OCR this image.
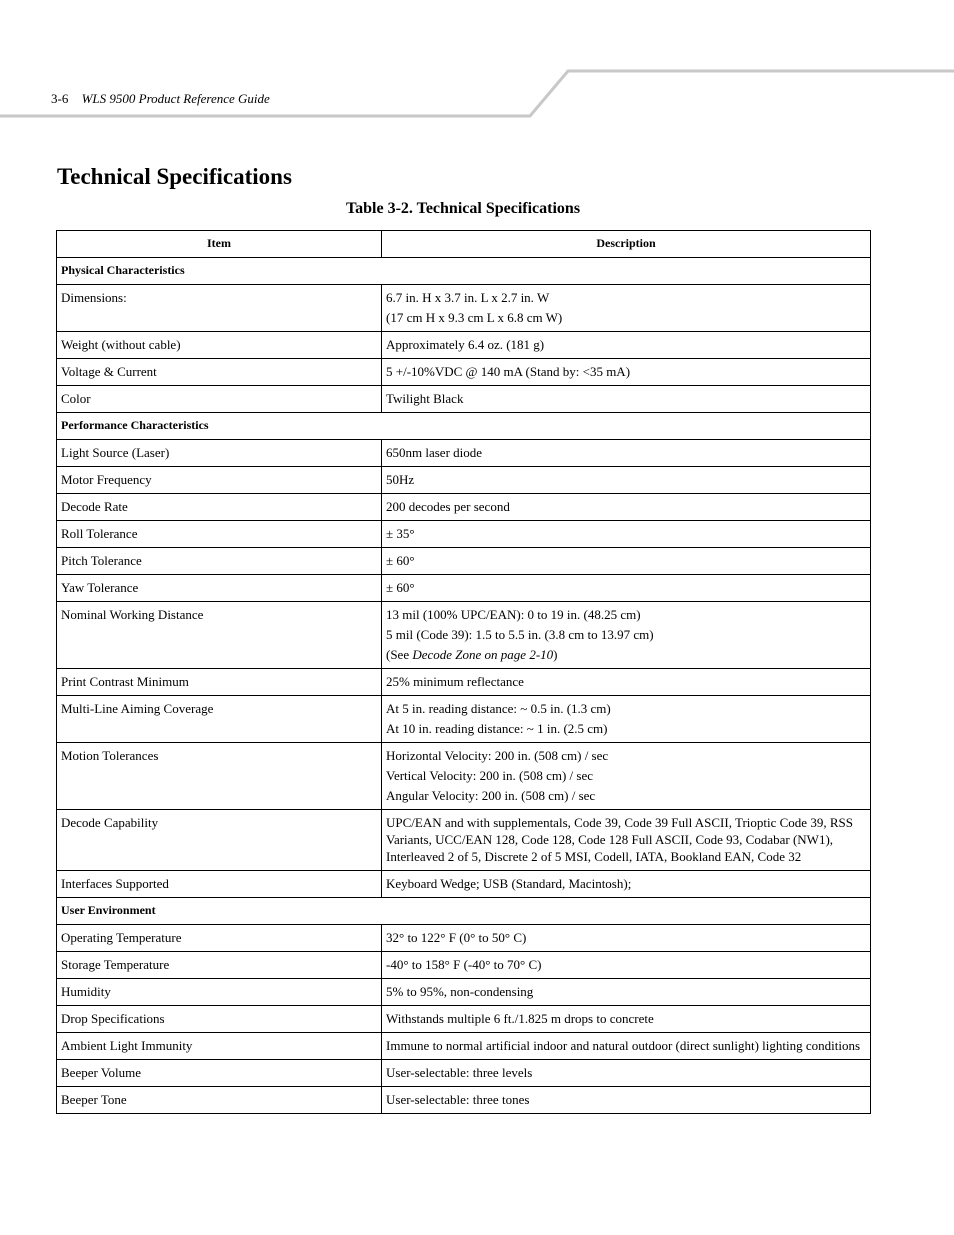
3-6 WLS 9500 Product Reference Guide
Technical Specifications
Table 3-2. Technical Specifications
Item	Description
Physical Characteristics	
Dimensions:	6.7 in. H x 3.7 in. L x 2.7 in. W
(17 cm H x 9.3 cm L x 6.8 cm W)

Weight (without cable)	Approximately 6.4 oz. (181 g)

Voltage & Current	5 +/-10%VDC @ 140 mA (Stand by: <35 mA)

Color	Twilight Black

Performance Characteristics	
Light Source (Laser)	650nm laser diode

Motor Frequency	50Hz

Decode Rate	200 decodes per second

Roll Tolerance	± 35°

Pitch Tolerance	± 60°

Yaw Tolerance	± 60°

Nominal Working Distance	13 mil (100% UPC/EAN): 0 to 19 in. (48.25 cm)
5 mil (Code 39): 1.5 to 5.5 in. (3.8 cm to 13.97 cm)
(See Decode Zone on page 2-10)

Print Contrast Minimum	25% minimum reflectance

Multi-Line Aiming Coverage	At 5 in. reading distance: ~ 0.5 in. (1.3 cm)
At 10 in. reading distance: ~ 1 in. (2.5 cm)

Motion Tolerances	Horizontal Velocity: 200 in. (508 cm) / sec
Vertical Velocity: 200 in. (508 cm) / sec
Angular Velocity: 200 in. (508 cm) / sec

Decode Capability	UPC/EAN and with supplementals, Code 39, Code 39 Full ASCII, Trioptic Code 39, RSS Variants, UCC/EAN 128, Code 128, Code 128 Full ASCII, Code 93, Codabar (NW1), Interleaved 2 of 5, Discrete 2 of 5 MSI, Codell, IATA, Bookland EAN, Code 32

Interfaces Supported	Keyboard Wedge; USB (Standard, Macintosh);

User Environment	
Operating Temperature	32° to 122° F (0° to 50° C)

Storage Temperature	-40° to 158° F (-40° to 70° C)

Humidity	5% to 95%, non-condensing

Drop Specifications	Withstands multiple 6 ft./1.825 m drops to concrete

Ambient Light Immunity	Immune to normal artificial indoor and natural outdoor (direct sunlight) lighting conditions

Beeper Volume	User-selectable: three levels

Beeper Tone	User-selectable: three tones
